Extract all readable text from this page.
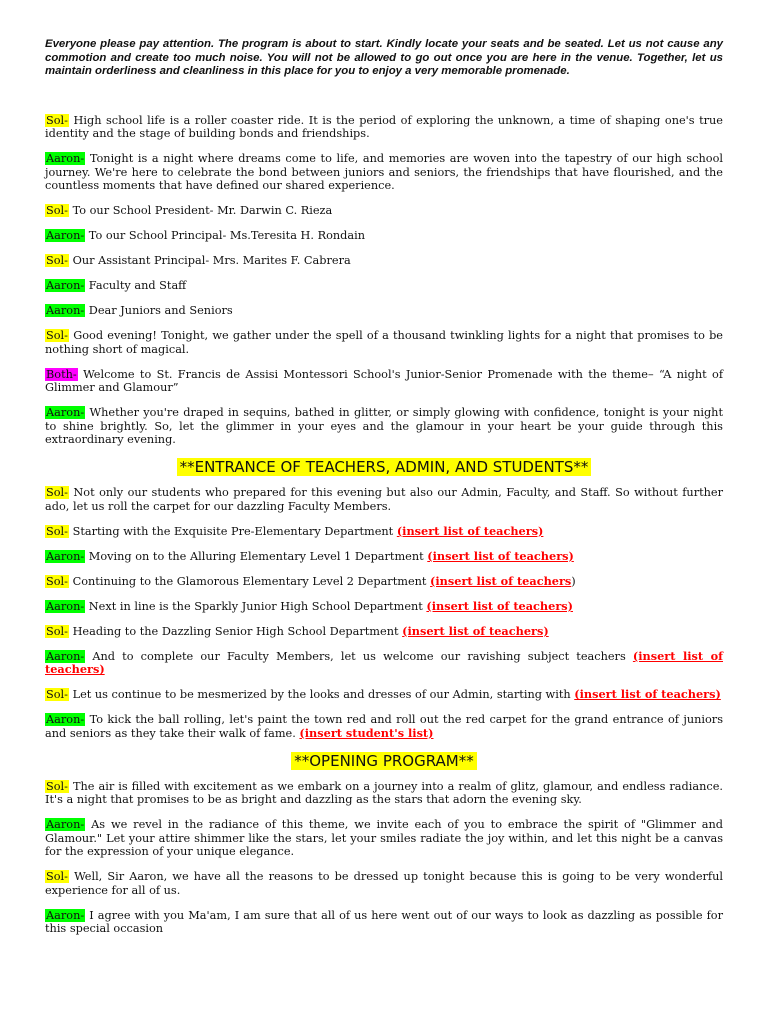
Everyone please pay attention. The program is about to start. Kindly locate your seats and be seated. Let us not cause any commotion and create too much noise. You will not be allowed to go out once you are here in the venue. Together, let us maintain orderliness and cleanliness in this place for you to enjoy a very memorable promenade.

Sol- High school life is a roller coaster ride. It is the period of exploring the unknown, a time of shaping one's true identity and the stage of building bonds and friendships.

Aaron- Tonight is a night where dreams come to life, and memories are woven into the tapestry of our high school journey. We're here to celebrate the bond between juniors and seniors, the friendships that have flourished, and the countless moments that have defined our shared experience.

Sol- To our School President- Mr. Darwin C. Rieza

Aaron- To our School Principal- Ms.Teresita H. Rondain

Sol- Our Assistant Principal- Mrs. Marites F. Cabrera

Aaron- Faculty and Staff

Aaron- Dear Juniors and Seniors

Sol- Good evening! Tonight, we gather under the spell of a thousand twinkling lights for a night that promises to be nothing short of magical.

Both- Welcome to St. Francis de Assisi Montessori School's Junior-Senior Promenade with the theme– “A night of Glimmer and Glamour”

Aaron- Whether you're draped in sequins, bathed in glitter, or simply glowing with confidence, tonight is your night to shine brightly. So, let the glimmer in your eyes and the glamour in your heart be your guide through this extraordinary evening.

**ENTRANCE OF TEACHERS, ADMIN, AND STUDENTS**

Sol- Not only our students who prepared for this evening but also our Admin, Faculty, and Staff. So without further ado, let us roll the carpet for our dazzling Faculty Members.

Sol- Starting with the Exquisite Pre-Elementary Department (insert list of teachers)

Aaron- Moving on to the Alluring Elementary Level 1 Department (insert list of teachers)

Sol- Continuing to the Glamorous Elementary Level 2 Department (insert list of teachers)

Aaron- Next in line is the Sparkly Junior High School Department (insert list of teachers)

Sol- Heading to the Dazzling Senior High School Department (insert list of teachers)

Aaron- And to complete our Faculty Members, let us welcome our ravishing subject teachers (insert list of teachers)

Sol- Let us continue to be mesmerized by the looks and dresses of our Admin, starting with (insert list of teachers)

Aaron- To kick the ball rolling, let's paint the town red and roll out the red carpet for the grand entrance of juniors and seniors as they take their walk of fame. (insert student's list)

**OPENING PROGRAM**

Sol- The air is filled with excitement as we embark on a journey into a realm of glitz, glamour, and endless radiance. It's a night that promises to be as bright and dazzling as the stars that adorn the evening sky.

Aaron- As we revel in the radiance of this theme, we invite each of you to embrace the spirit of "Glimmer and Glamour." Let your attire shimmer like the stars, let your smiles radiate the joy within, and let this night be a canvas for the expression of your unique elegance.

Sol- Well, Sir Aaron, we have all the reasons to be dressed up tonight because this is going to be very wonderful experience for all of us.

Aaron- I agree with you Ma'am, I am sure that all of us here went out of our ways to look as dazzling as possible for this special occasion
